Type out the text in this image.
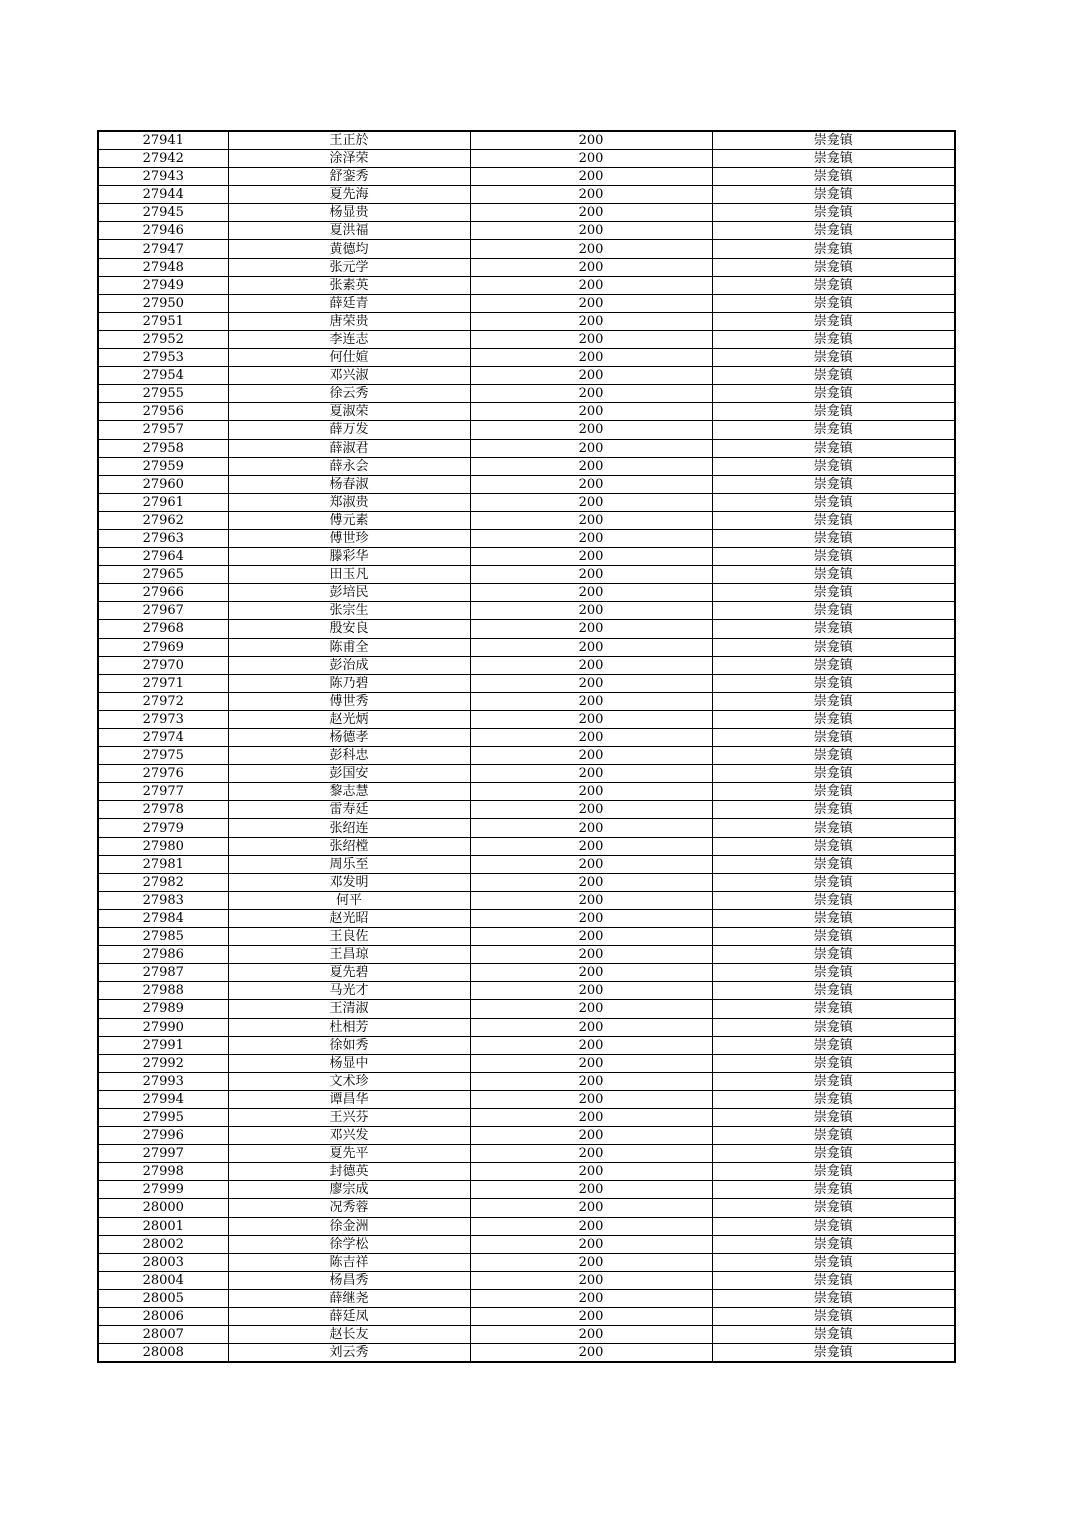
27941	王正於	200	崇龛镇
27942	涂泽荣	200	崇龛镇
27943	舒銮秀	200	崇龛镇
27944	夏先海	200	崇龛镇
27945	杨显贵	200	崇龛镇
27946	夏洪福	200	崇龛镇
27947	黄德均	200	崇龛镇
27948	张元学	200	崇龛镇
27949	张素英	200	崇龛镇
27950	薛廷青	200	崇龛镇
27951	唐荣贵	200	崇龛镇
27952	李连志	200	崇龛镇
27953	何仕媗	200	崇龛镇
27954	邓兴淑	200	崇龛镇
27955	徐云秀	200	崇龛镇
27956	夏淑荣	200	崇龛镇
27957	薛万发	200	崇龛镇
27958	薛淑君	200	崇龛镇
27959	薛永会	200	崇龛镇
27960	杨春淑	200	崇龛镇
27961	郑淑贵	200	崇龛镇
27962	傅元素	200	崇龛镇
27963	傅世珍	200	崇龛镇
27964	滕彩华	200	崇龛镇
27965	田玉凡	200	崇龛镇
27966	彭培民	200	崇龛镇
27967	张宗生	200	崇龛镇
27968	殷安良	200	崇龛镇
27969	陈甫全	200	崇龛镇
27970	彭治成	200	崇龛镇
27971	陈乃碧	200	崇龛镇
27972	傅世秀	200	崇龛镇
27973	赵光炳	200	崇龛镇
27974	杨德孝	200	崇龛镇
27975	彭科忠	200	崇龛镇
27976	彭国安	200	崇龛镇
27977	黎志慧	200	崇龛镇
27978	雷寿廷	200	崇龛镇
27979	张绍连	200	崇龛镇
27980	张绍樘	200	崇龛镇
27981	周乐至	200	崇龛镇
27982	邓发明	200	崇龛镇
27983	何平	200	崇龛镇
27984	赵光昭	200	崇龛镇
27985	王良佐	200	崇龛镇
27986	王昌琼	200	崇龛镇
27987	夏先碧	200	崇龛镇
27988	马光才	200	崇龛镇
27989	王清淑	200	崇龛镇
27990	杜相芳	200	崇龛镇
27991	徐如秀	200	崇龛镇
27992	杨显中	200	崇龛镇
27993	文术珍	200	崇龛镇
27994	谭昌华	200	崇龛镇
27995	王兴芬	200	崇龛镇
27996	邓兴发	200	崇龛镇
27997	夏先平	200	崇龛镇
27998	封德英	200	崇龛镇
27999	廖宗成	200	崇龛镇
28000	况秀蓉	200	崇龛镇
28001	徐金洲	200	崇龛镇
28002	徐学松	200	崇龛镇
28003	陈吉祥	200	崇龛镇
28004	杨昌秀	200	崇龛镇
28005	薛继尧	200	崇龛镇
28006	薛廷凤	200	崇龛镇
28007	赵长友	200	崇龛镇
28008	刘云秀	200	崇龛镇
